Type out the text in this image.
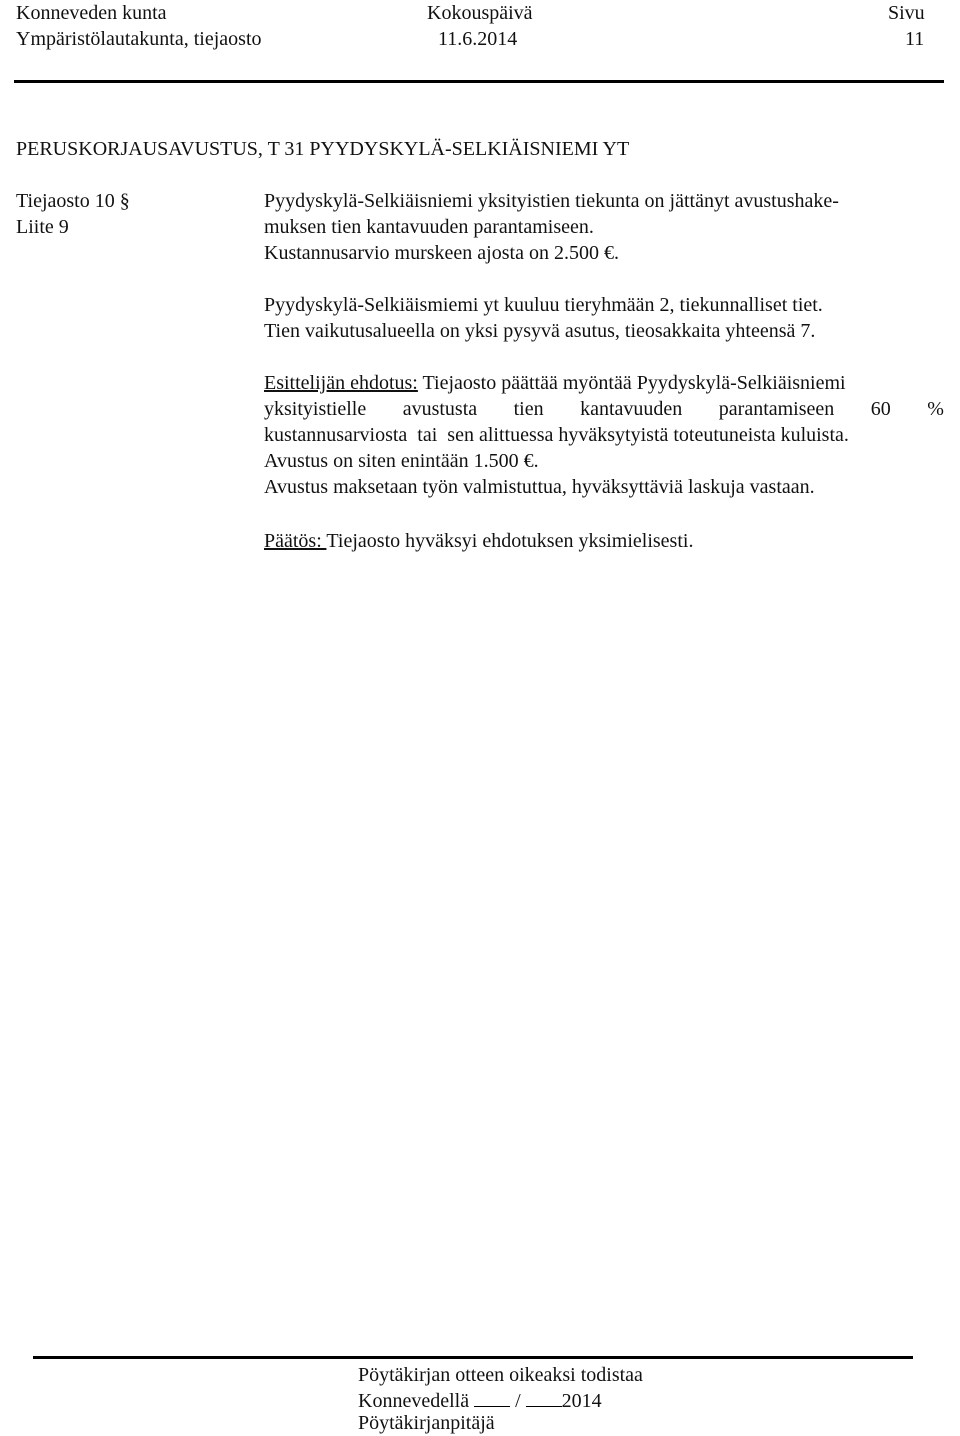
Konneveden kunta
Ympäristölautakunta, tiejaosto
Kokouspäivä
11.6.2014
Sivu
11
PERUSKORJAUSAVUSTUS, T 31 PYYDYSKYLÄ-SELKIÄISNIEMI YT
Tiejaosto 10 §
Liite 9
Pyydyskylä-Selkiäisniemi yksityistien tiekunta on jättänyt avustushake-
muksen tien kantavuuden parantamiseen.
Kustannusarvio murskeen ajosta on 2.500 €.
Pyydyskylä-Selkiäismiemi yt kuuluu tieryhmään 2, tiekunnalliset tiet.
Tien vaikutusalueella on yksi pysyvä asutus, tieosakkaita yhteensä 7.
Esittelijän ehdotus: Tiejaosto päättää myöntää Pyydyskylä-Selkiäisniemi
yksityistielle avustusta tien kantavuuden parantamiseen 60 %
kustannusarviosta  tai  sen alittuessa hyväksytyistä toteutuneista kuluista.
Avustus on siten enintään 1.500 €.
Avustus maksetaan työn valmistuttua, hyväksyttäviä laskuja vastaan.
Päätös: Tiejaosto hyväksyi ehdotuksen yksimielisesti.
Pöytäkirjan otteen oikeaksi todistaa
Konnevedellä / 2014
Pöytäkirjanpitäjä
